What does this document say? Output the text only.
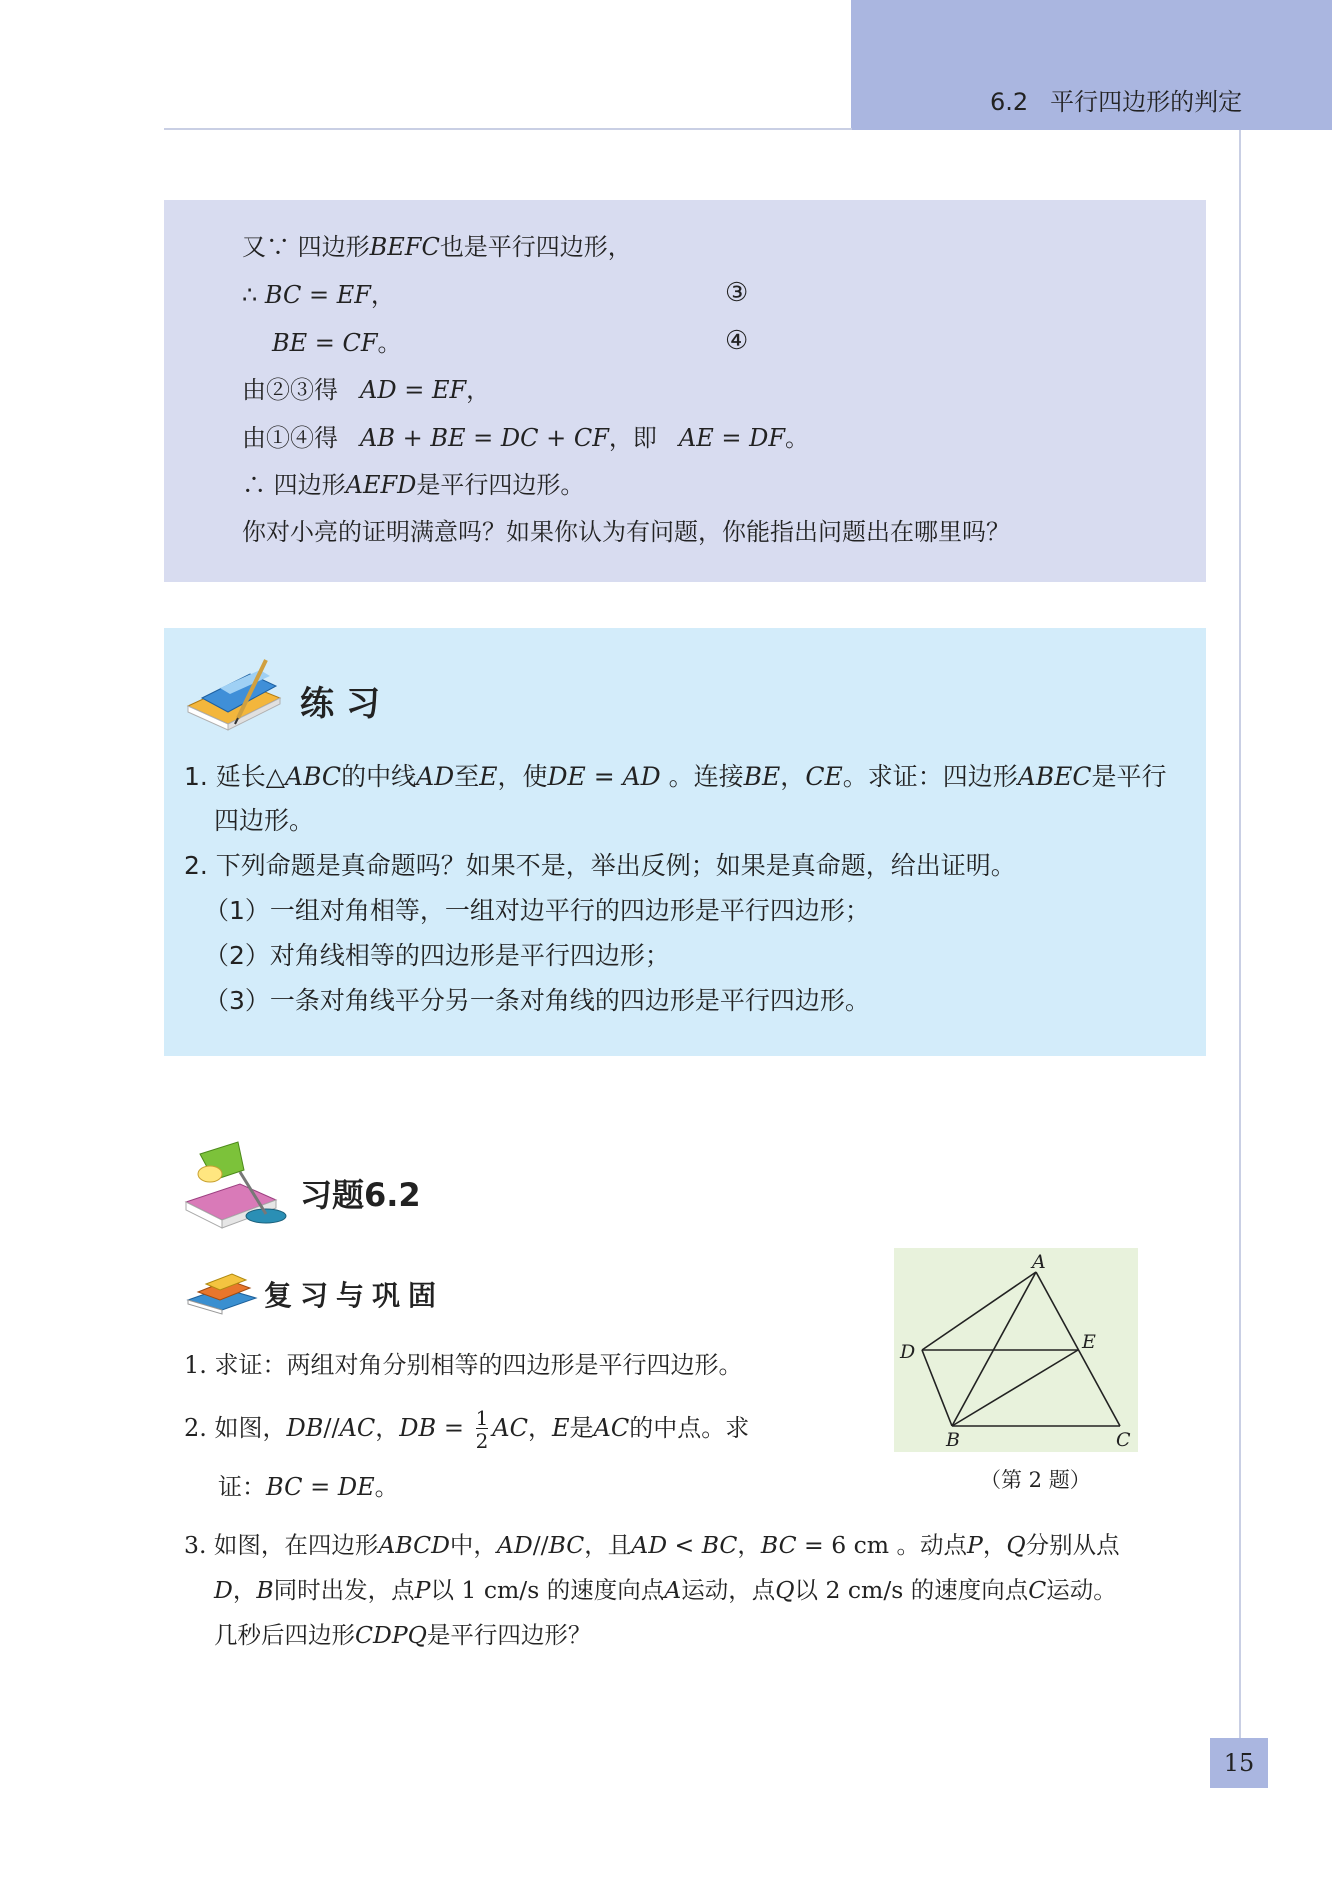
6.2 平行四边形的判定
又∵ 四边形BEFC也是平行四边形，
∴ BC = EF，	③
BE = CF。	④
由②③得 AD = EF，
由①④得 AB + BE = DC + CF，即 AE = DF。
∴ 四边形AEFD是平行四边形。
你对小亮的证明满意吗？如果你认为有问题，你能指出问题出在哪里吗？
练习
1. 延长△ABC的中线AD至E，使DE = AD 。连接BE，CE。求证：四边形ABEC是平行
四边形。
2. 下列命题是真命题吗？如果不是，举出反例；如果是真命题，给出证明。
（1）一组对角相等，一组对边平行的四边形是平行四边形；
（2）对角线相等的四边形是平行四边形；
（3）一条对角线平分另一条对角线的四边形是平行四边形。
习题6.2
复习与巩固
1. 求证：两组对角分别相等的四边形是平行四边形。
2. 如图，DB//AC，DB = $\frac{1}{2}$ AC，E是AC的中点。求
证：BC = DE。
3. 如图，在四边形ABCD中，AD//BC，且AD < BC，BC = 6 cm 。动点P，Q分别从点
D，B同时出发，点P以 1 cm/s 的速度向点A运动，点Q以 2 cm/s 的速度向点C运动。
几秒后四边形CDPQ是平行四边形？
A
D	E
B	C
（第 2 题）
15
